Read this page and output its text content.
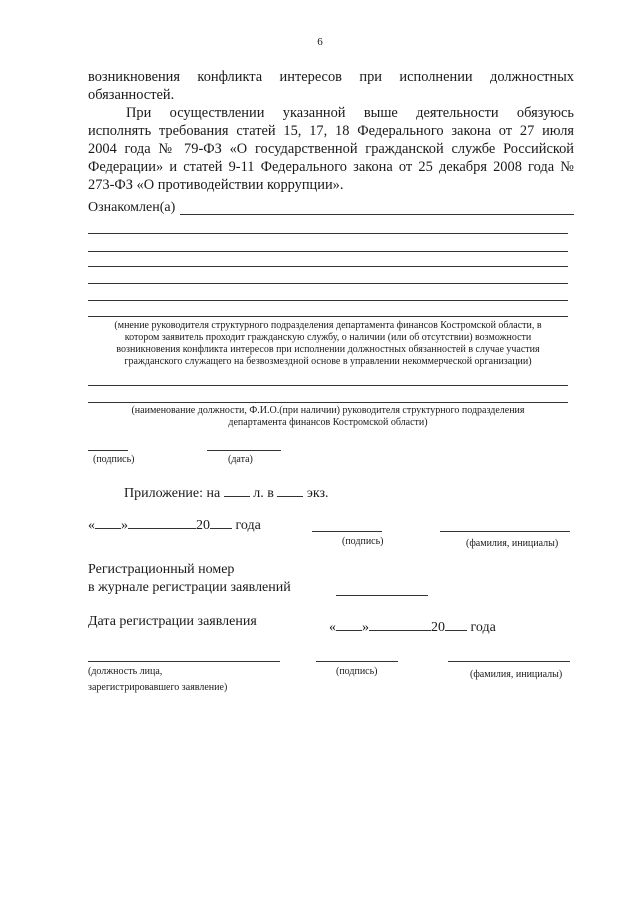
6
возникновения конфликта интересов при исполнении должностных
обязанностей.
При осуществлении указанной выше деятельности обязуюсь
исполнять требования статей 15, 17, 18 Федерального закона от 27 июля
2004 года № 79-ФЗ «О государственной гражданской службе Российской
Федерации» и статей 9-11 Федерального закона от 25 декабря 2008 года №
273-ФЗ «О противодействии коррупции».
Ознакомлен(а)
(мнение руководителя структурного подразделения департамента финансов Костромской области, в
котором заявитель проходит гражданскую службу, о наличии (или об отсутствии) возможности
возникновения конфликта интересов при исполнении должностных обязанностей в случае участия
гражданского служащего на безвозмездной основе в управлении некоммерческой организации)
(наименование должности, Ф.И.О.(при наличии) руководителя структурного подразделения
департамента финансов Костромской области)
(подпись)	(дата)
Приложение: на л. в экз.
« »	20 года
(подпись)	(фамилия, инициалы)
Регистрационный номер
в журнале регистрации заявлений
Дата регистрации заявления	« »	20 года
(должность лица,
зарегистрировавшего заявление)
(подпись)	(фамилия, инициалы)
